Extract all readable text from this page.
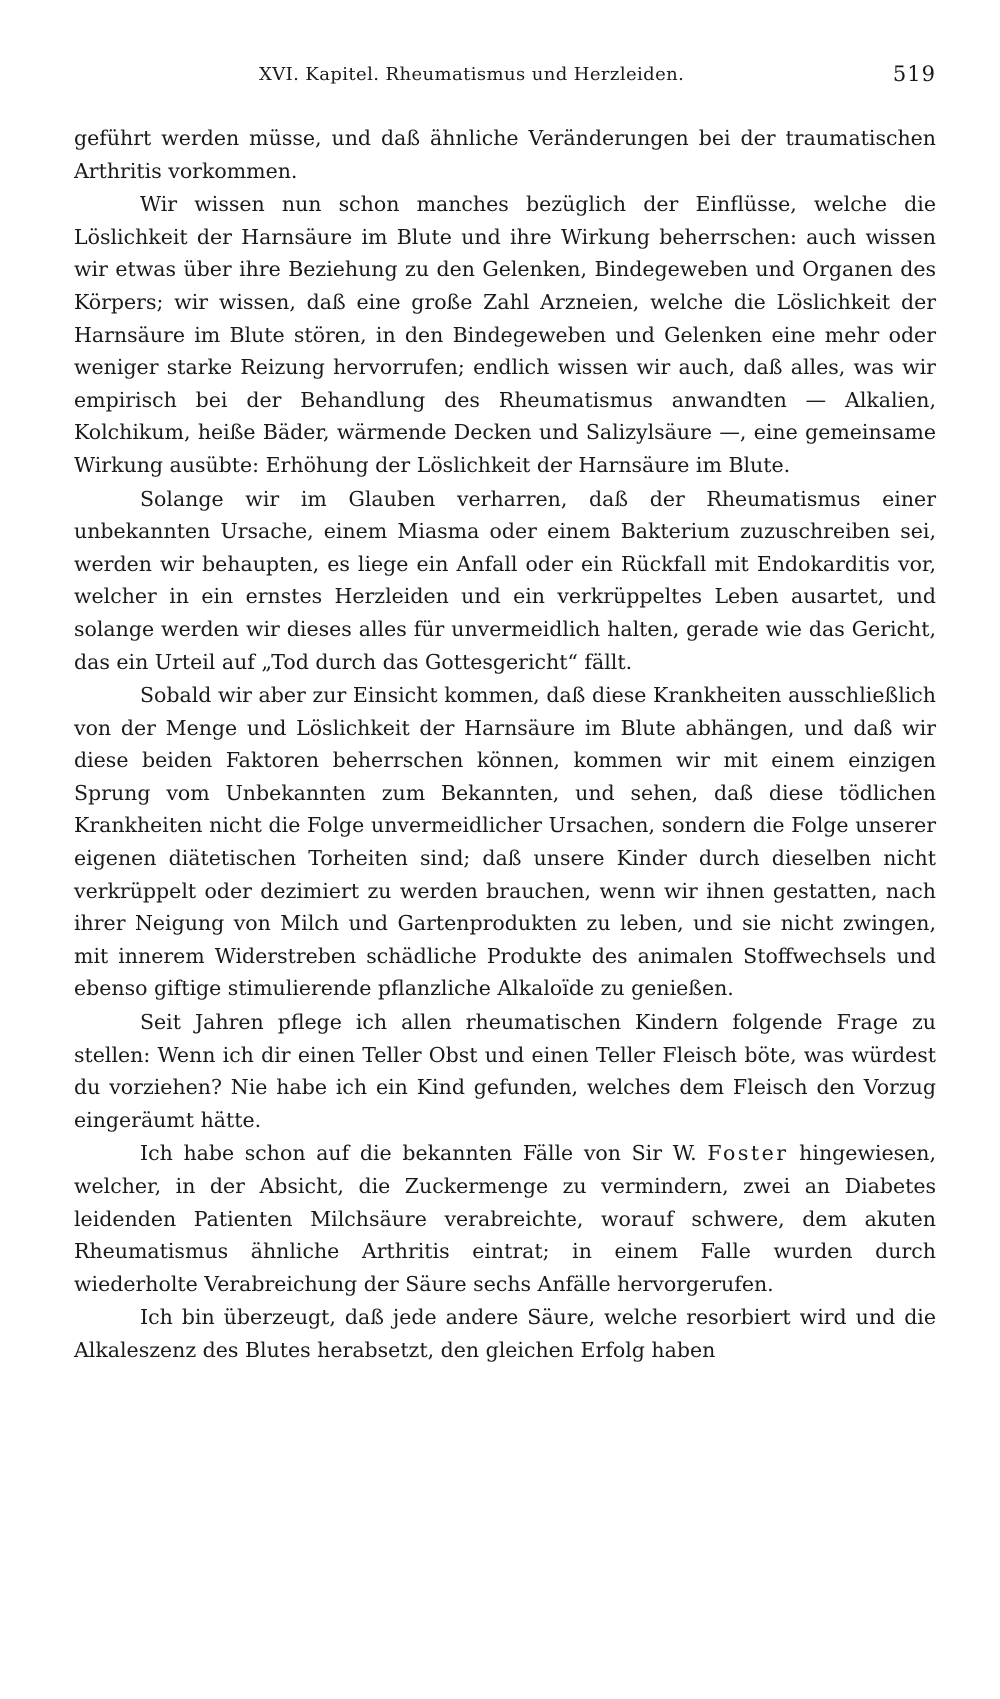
XVI. Kapitel. Rheumatismus und Herzleiden.	519

geführt werden müsse, und daß ähnliche Veränderungen bei der traumatischen Arthritis vorkommen.

Wir wissen nun schon manches bezüglich der Einflüsse, welche die Löslichkeit der Harnsäure im Blute und ihre Wirkung beherrschen: auch wissen wir etwas über ihre Beziehung zu den Gelenken, Bindegeweben und Organen des Körpers; wir wissen, daß eine große Zahl Arzneien, welche die Löslichkeit der Harnsäure im Blute stören, in den Bindegeweben und Gelenken eine mehr oder weniger starke Reizung hervorrufen; endlich wissen wir auch, daß alles, was wir empirisch bei der Behandlung des Rheumatismus anwandten — Alkalien, Kolchikum, heiße Bäder, wärmende Decken und Salizylsäure —, eine gemeinsame Wirkung ausübte: Erhöhung der Löslichkeit der Harnsäure im Blute.

Solange wir im Glauben verharren, daß der Rheumatismus einer unbekannten Ursache, einem Miasma oder einem Bakterium zuzuschreiben sei, werden wir behaupten, es liege ein Anfall oder ein Rückfall mit Endokarditis vor, welcher in ein ernstes Herzleiden und ein verkrüppeltes Leben ausartet, und solange werden wir dieses alles für unvermeidlich halten, gerade wie das Gericht, das ein Urteil auf „Tod durch das Gottesgericht“ fällt.

Sobald wir aber zur Einsicht kommen, daß diese Krankheiten ausschließlich von der Menge und Löslichkeit der Harnsäure im Blute abhängen, und daß wir diese beiden Faktoren beherrschen können, kommen wir mit einem einzigen Sprung vom Unbekannten zum Bekannten, und sehen, daß diese tödlichen Krankheiten nicht die Folge unvermeidlicher Ursachen, sondern die Folge unserer eigenen diätetischen Torheiten sind; daß unsere Kinder durch dieselben nicht verkrüppelt oder dezimiert zu werden brauchen, wenn wir ihnen gestatten, nach ihrer Neigung von Milch und Gartenprodukten zu leben, und sie nicht zwingen, mit innerem Widerstreben schädliche Produkte des animalen Stoffwechsels und ebenso giftige stimulierende pflanzliche Alkaloïde zu genießen.

Seit Jahren pflege ich allen rheumatischen Kindern folgende Frage zu stellen: Wenn ich dir einen Teller Obst und einen Teller Fleisch böte, was würdest du vorziehen? Nie habe ich ein Kind gefunden, welches dem Fleisch den Vorzug eingeräumt hätte.

Ich habe schon auf die bekannten Fälle von Sir W. Foster hingewiesen, welcher, in der Absicht, die Zuckermenge zu vermindern, zwei an Diabetes leidenden Patienten Milchsäure verabreichte, worauf schwere, dem akuten Rheumatismus ähnliche Arthritis eintrat; in einem Falle wurden durch wiederholte Verabreichung der Säure sechs Anfälle hervorgerufen.

Ich bin überzeugt, daß jede andere Säure, welche resorbiert wird und die Alkaleszenz des Blutes herabsetzt, den gleichen Erfolg haben
